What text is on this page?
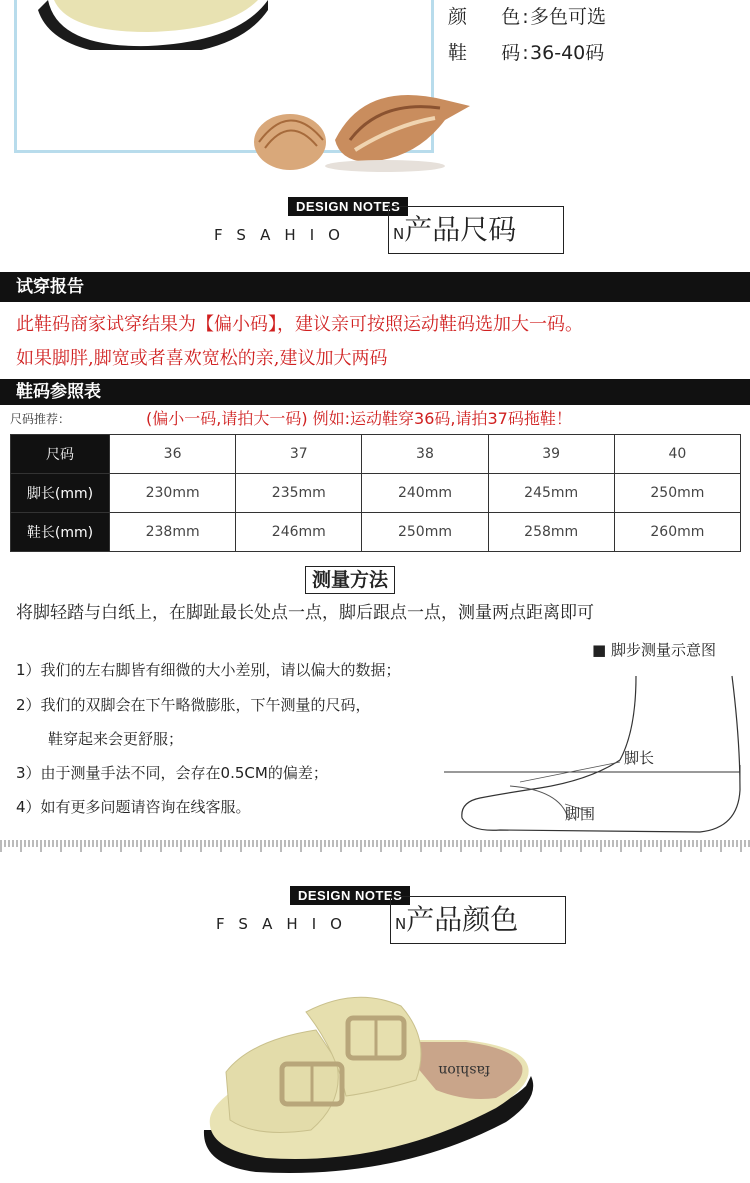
颜 色: 多色可选
鞋 码: 36-40码
DESIGN NOTES
FSAHIO	N产品尺码
试穿报告
此鞋码商家试穿结果为【偏小码】，建议亲可按照运动鞋码选加大一码。
如果脚胖,脚宽或者喜欢宽松的亲,建议加大两码
鞋码参照表
尺码推荐：	(偏小一码,请拍大一码) 例如:运动鞋穿36码,请拍37码拖鞋！
尺码	36	37	38	39	40
脚长(mm)	230mm	235mm	240mm	245mm	250mm
鞋长(mm)	238mm	246mm	250mm	258mm	260mm
测量方法
将脚轻踏与白纸上，在脚趾最长处点一点，脚后跟点一点，测量两点距离即可
■ 脚步测量示意图
脚长
脚围
1）我们的左右脚皆有细微的大小差别，请以偏大的数据；
2）我们的双脚会在下午略微膨胀，下午测量的尺码，
鞋穿起来会更舒服；
3）由于测量手法不同，会存在0.5CM的偏差；
4）如有更多问题请咨询在线客服。
DESIGN NOTES
FSAHIO	N产品颜色
fashion
